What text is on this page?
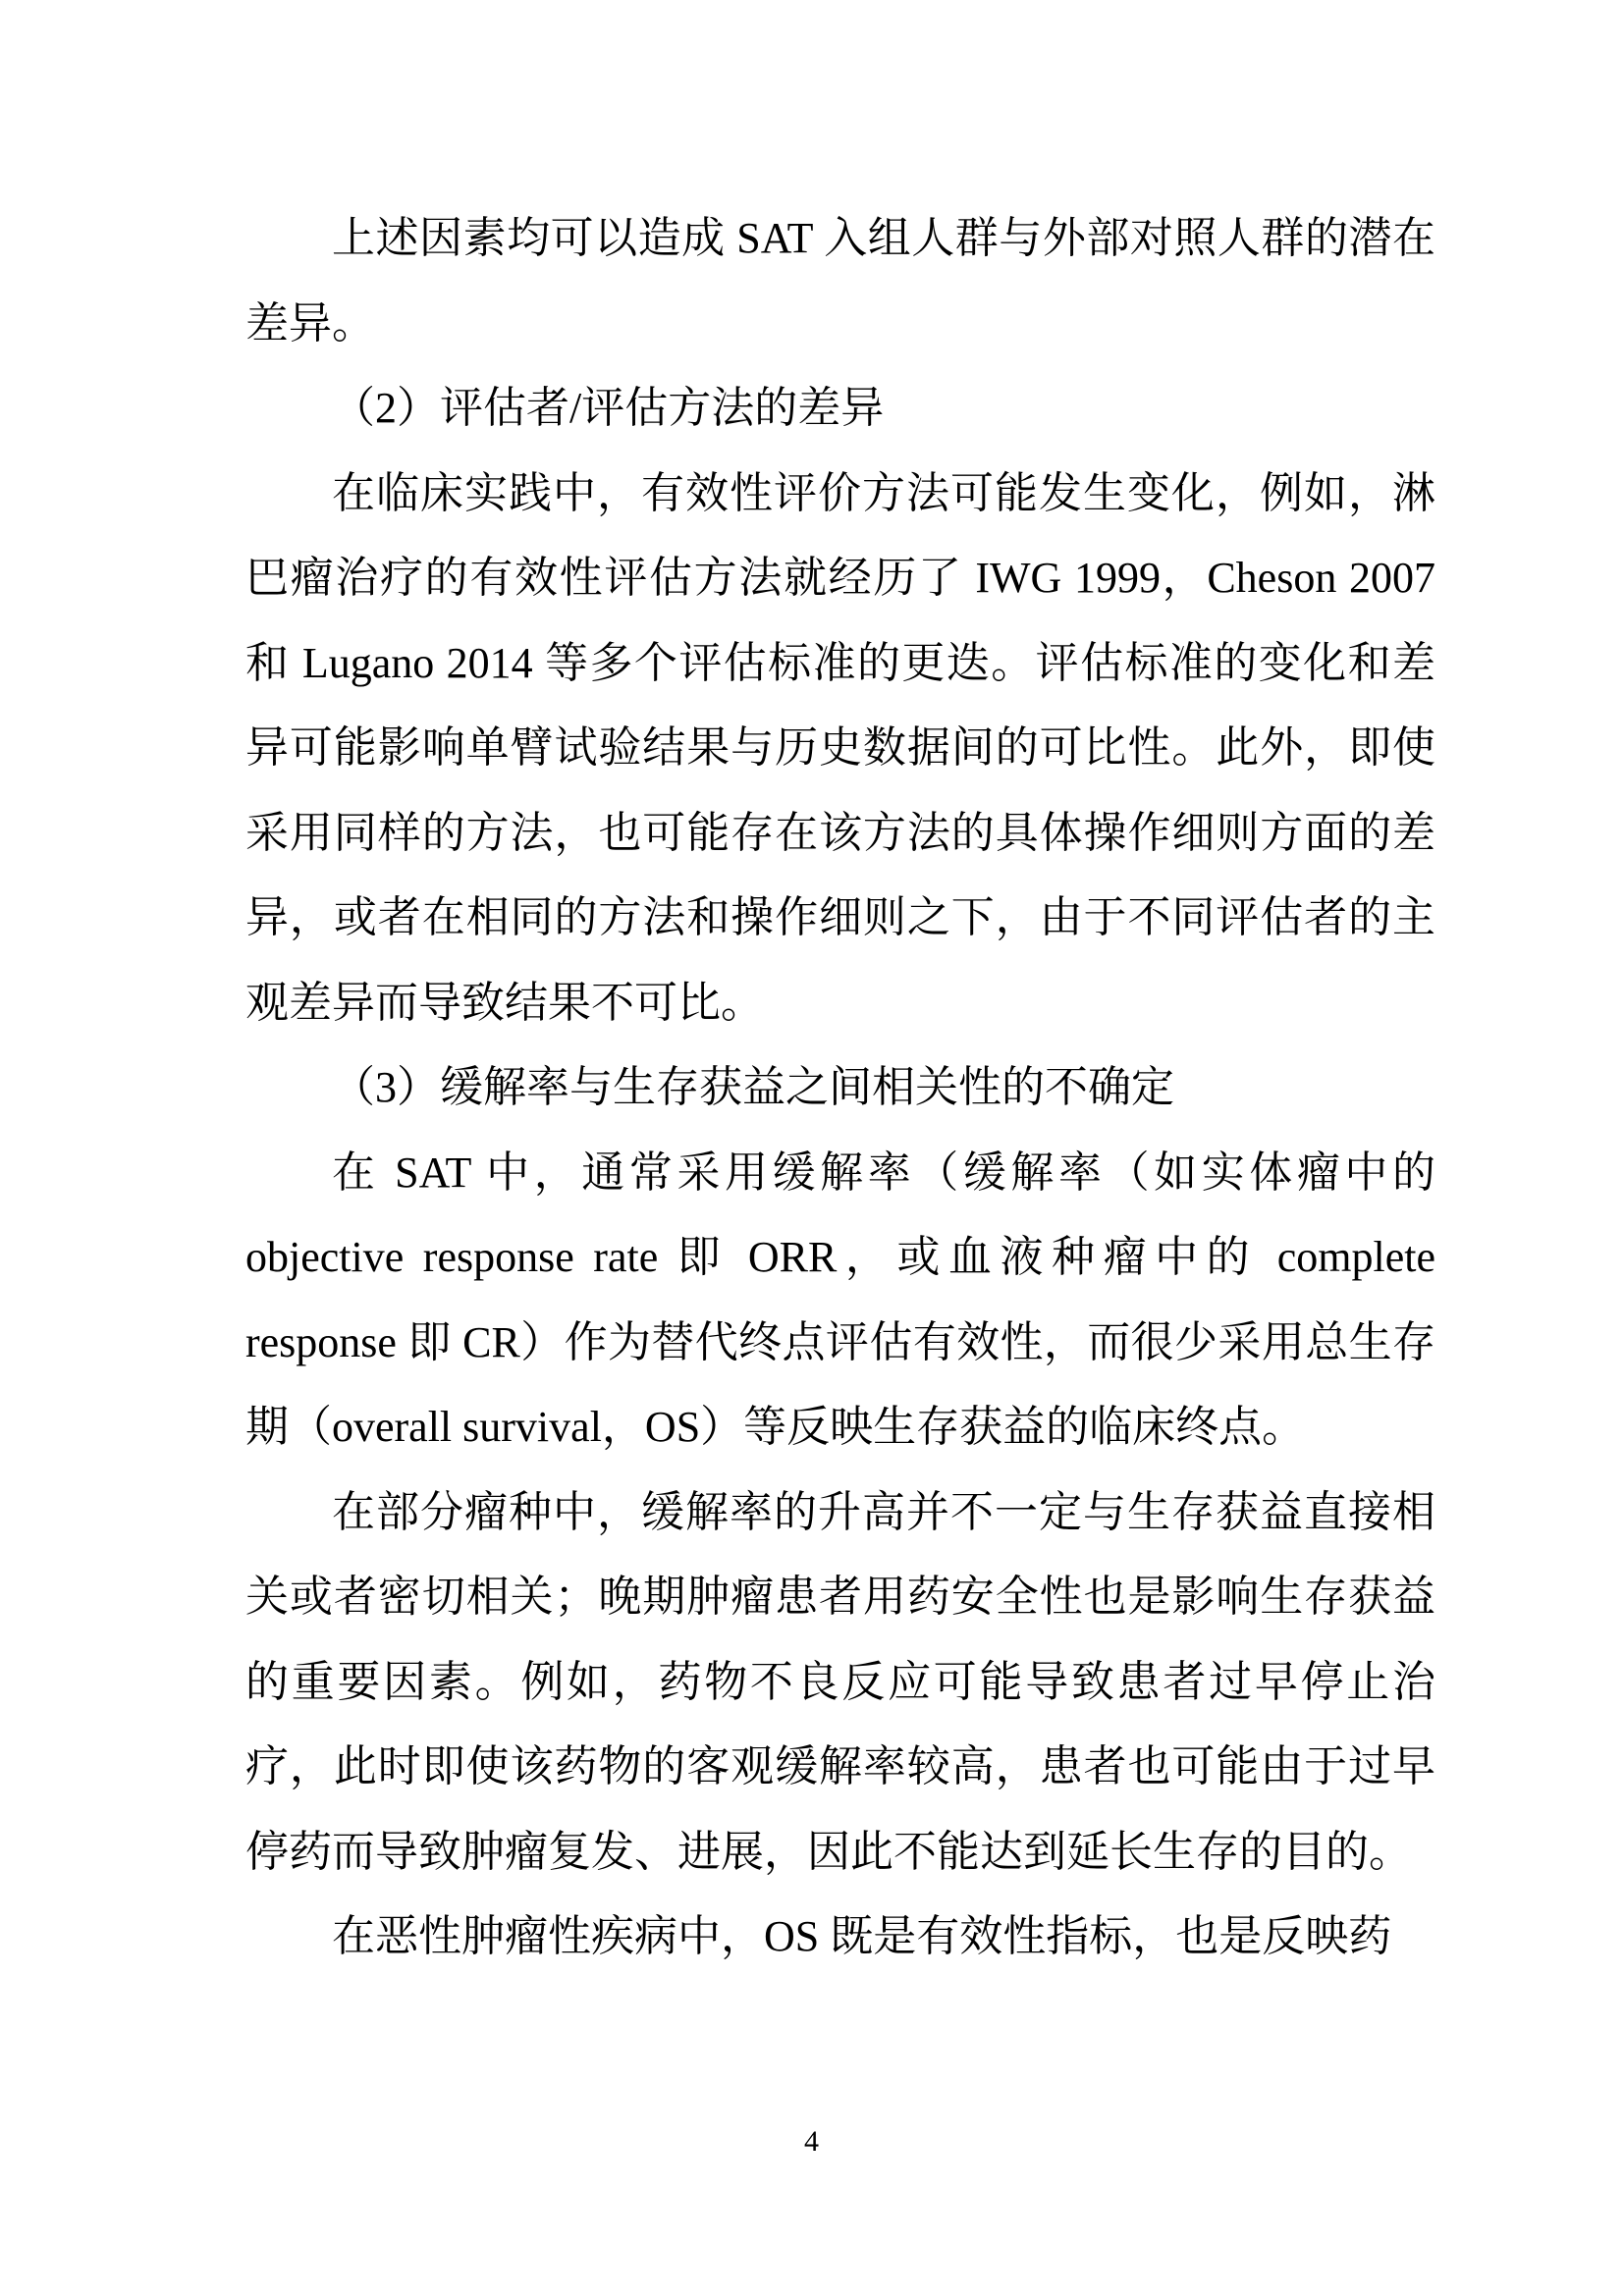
上述因素均可以造成 SAT 入组人群与外部对照人群的潜在差异。

（2）评估者/评估方法的差异

在临床实践中，有效性评价方法可能发生变化，例如，淋巴瘤治疗的有效性评估方法就经历了 IWG 1999，Cheson 2007 和 Lugano 2014 等多个评估标准的更迭。评估标准的变化和差异可能影响单臂试验结果与历史数据间的可比性。此外，即使采用同样的方法，也可能存在该方法的具体操作细则方面的差异，或者在相同的方法和操作细则之下，由于不同评估者的主观差异而导致结果不可比。

（3）缓解率与生存获益之间相关性的不确定

在 SAT 中，通常采用缓解率（缓解率（如实体瘤中的 objective response rate 即 ORR，或血液种瘤中的 complete response 即 CR）作为替代终点评估有效性，而很少采用总生存期（overall survival，OS）等反映生存获益的临床终点。

在部分瘤种中，缓解率的升高并不一定与生存获益直接相关或者密切相关；晚期肿瘤患者用药安全性也是影响生存获益的重要因素。例如，药物不良反应可能导致患者过早停止治疗，此时即使该药物的客观缓解率较高，患者也可能由于过早停药而导致肿瘤复发、进展，因此不能达到延长生存的目的。

在恶性肿瘤性疾病中，OS 既是有效性指标，也是反映药

4
